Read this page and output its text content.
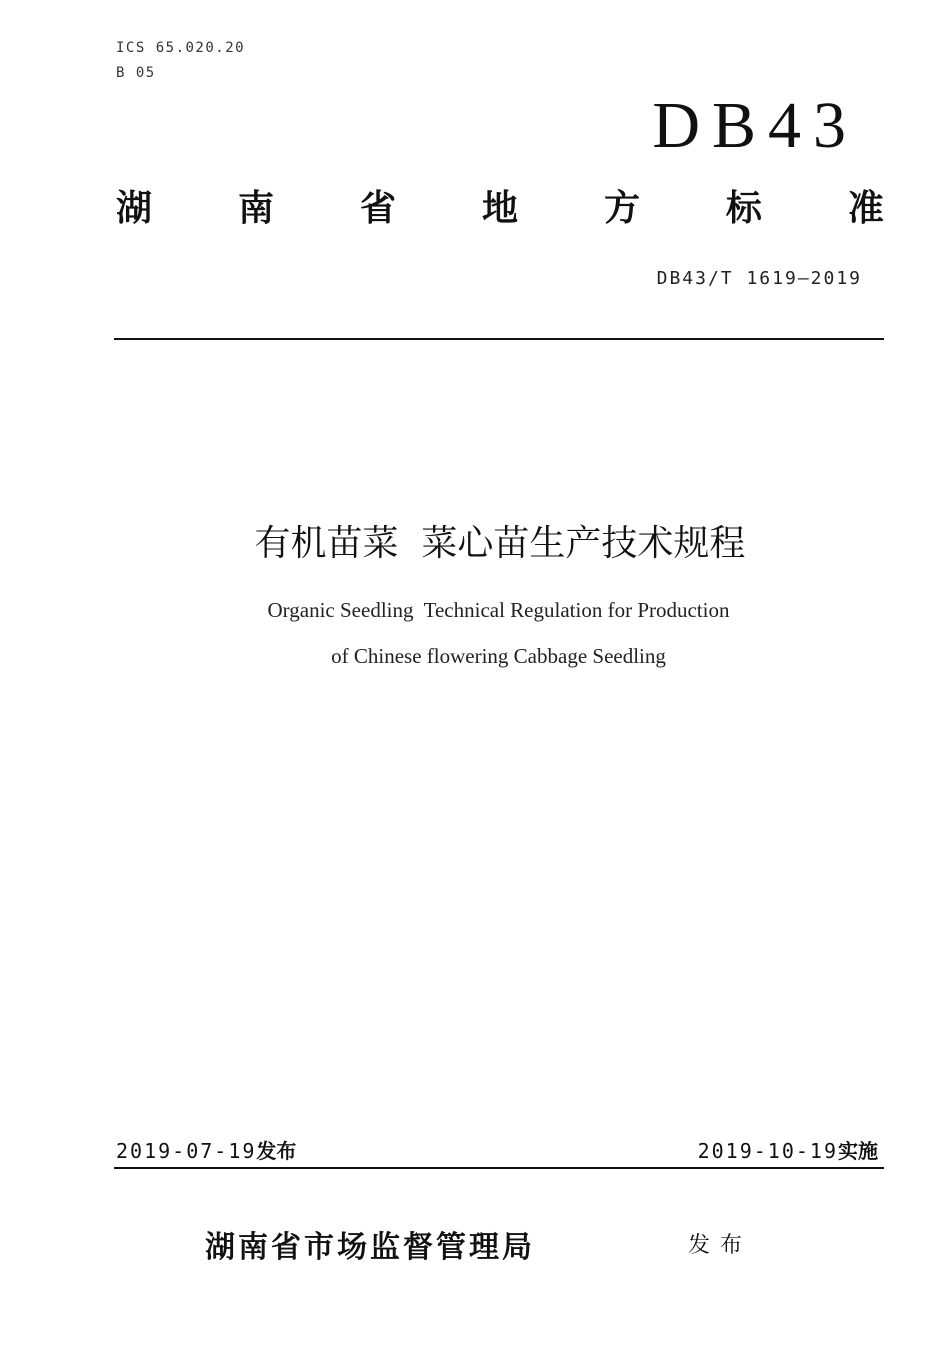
ICS 65.020.20
B 05
DB43
湖 南 省 地 方 标 准
DB43/T 1619—2019
有机苗菜  菜心苗生产技术规程
Organic Seedling  Technical Regulation for Production
of Chinese flowering Cabbage Seedling
2019-07-19发布	2019-10-19实施
湖南省市场监督管理局	发布
